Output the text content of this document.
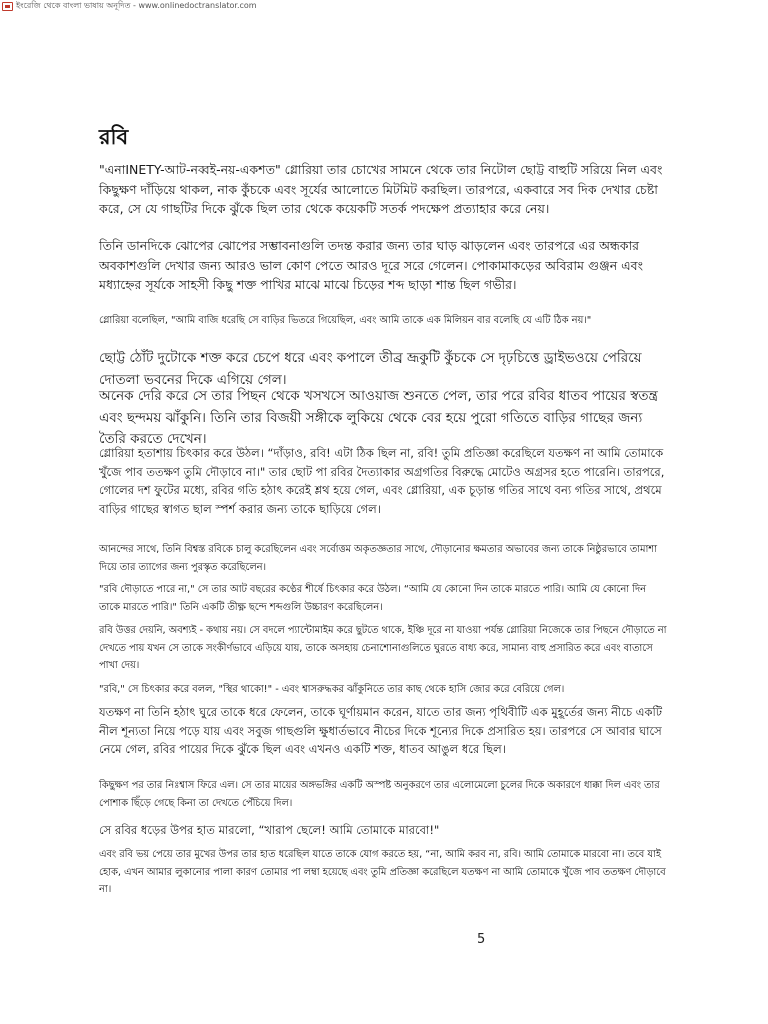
ইংরেজি থেকে বাংলা ভাষায় অনূদিত - www.onlinedoctranslator.com
রবি

"এনাINETY-আট-নব্বই-নয়-একশত" গ্লোরিয়া তার চোখের সামনে থেকে তার নিটোল ছোট্ট বাহুটি সরিয়ে নিল এবং কিছুক্ষণ দাঁড়িয়ে থাকল, নাক কুঁচকে এবং সূর্যের আলোতে মিটমিট করছিল। তারপরে, একবারে সব দিক দেখার চেষ্টা করে, সে যে গাছটির দিকে ঝুঁকে ছিল তার থেকে কয়েকটি সতর্ক পদক্ষেপ প্রত্যাহার করে নেয়।

তিনি ডানদিকে ঝোপের ঝোপের সম্ভাবনাগুলি তদন্ত করার জন্য তার ঘাড় ঝাড়লেন এবং তারপরে এর অন্ধকার অবকাশগুলি দেখার জন্য আরও ভাল কোণ পেতে আরও দূরে সরে গেলেন। পোকামাকড়ের অবিরাম গুঞ্জন এবং মধ্যাহ্নের সূর্যকে সাহসী কিছু শক্ত পাখির মাঝে মাঝে চিড়ের শব্দ ছাড়া শান্ত ছিল গভীর।

গ্লোরিয়া বলেছিল, "আমি বাজি ধরেছি সে বাড়ির ভিতরে গিয়েছিল, এবং আমি তাকে এক মিলিয়ন বার বলেছি যে এটি ঠিক নয়।"

ছোট্ট ঠোঁট দুটোকে শক্ত করে চেপে ধরে এবং কপালে তীব্র ভ্রূকুটি কুঁচকে সে দৃঢ়চিত্তে ড্রাইভওয়ে পেরিয়ে দোতলা ভবনের দিকে এগিয়ে গেল।

অনেক দেরি করে সে তার পিছন থেকে খসখসে আওয়াজ শুনতে পেল, তার পরে রবির ধাতব পায়ের স্বতন্ত্র এবং ছন্দময় ঝাঁকুনি। তিনি তার বিজয়ী সঙ্গীকে লুকিয়ে থেকে বের হয়ে পুরো গতিতে বাড়ির গাছের জন্য তৈরি করতে দেখেন।

গ্লোরিয়া হতাশায় চিৎকার করে উঠল। “দাঁড়াও, রবি! এটা ঠিক ছিল না, রবি! তুমি প্রতিজ্ঞা করেছিলে যতক্ষণ না আমি তোমাকে খুঁজে পাব ততক্ষণ তুমি দৌড়াবে না।" তার ছোট পা রবির দৈত্যাকার অগ্রগতির বিরুদ্ধে মোটেও অগ্রসর হতে পারেনি। তারপরে, গোলের দশ ফুটের মধ্যে, রবির গতি হঠাৎ করেই শ্লথ হয়ে গেল, এবং গ্লোরিয়া, এক চূড়ান্ত গতির সাথে বন্য গতির সাথে, প্রথমে বাড়ির গাছের স্বাগত ছাল স্পর্শ করার জন্য তাকে ছাড়িয়ে গেল।

আনন্দের সাথে, তিনি বিশ্বস্ত রবিকে চালু করেছিলেন এবং সর্বোত্তম অকৃতজ্ঞতার সাথে, দৌড়ানোর ক্ষমতার অভাবের জন্য তাকে নিষ্ঠুরভাবে তামাশা দিয়ে তার ত্যাগের জন্য পুরস্কৃত করেছিলেন।

"রবি দৌড়াতে পারে না," সে তার আট বছরের কণ্ঠের শীর্ষে চিৎকার করে উঠল। “আমি যে কোনো দিন তাকে মারতে পারি। আমি যে কোনো দিন তাকে মারতে পারি।" তিনি একটি তীক্ষ্ণ ছন্দে শব্দগুলি উচ্চারণ করেছিলেন।

রবি উত্তর দেয়নি, অবশ্যই - কথায় নয়। সে বদলে প্যান্টোমাইম করে ছুটতে থাকে, ইঞ্চি দূরে না যাওয়া পর্যন্ত গ্লোরিয়া নিজেকে তার পিছনে দৌড়াতে না দেখতে পায় যখন সে তাকে সংকীর্ণভাবে এড়িয়ে যায়, তাকে অসহায় চেনাশোনাগুলিতে ঘুরতে বাধ্য করে, সামান্য বাহু প্রসারিত করে এবং বাতাসে পাখা দেয়।

"রবি," সে চিৎকার করে বলল, "স্থির থাকো!" - এবং শ্বাসরুদ্ধকর ঝাঁকুনিতে তার কাছ থেকে হাসি জোর করে বেরিয়ে গেল।

যতক্ষণ না তিনি হঠাৎ ঘুরে তাকে ধরে ফেলেন, তাকে ঘূর্ণায়মান করেন, যাতে তার জন্য পৃথিবীটি এক মুহূর্তের জন্য নীচে একটি নীল শূন্যতা নিয়ে পড়ে যায় এবং সবুজ গাছগুলি ক্ষুধার্তভাবে নীচের দিকে শূন্যের দিকে প্রসারিত হয়। তারপরে সে আবার ঘাসে নেমে গেল, রবির পায়ের দিকে ঝুঁকে ছিল এবং এখনও একটি শক্ত, ধাতব আঙুল ধরে ছিল।

কিছুক্ষণ পর তার নিঃশ্বাস ফিরে এল। সে তার মায়ের অঙ্গভঙ্গির একটি অস্পষ্ট অনুকরণে তার এলোমেলো চুলের দিকে অকারণে ধাক্কা দিল এবং তার পোশাক ছিঁড়ে গেছে কিনা তা দেখতে পেঁচিয়ে দিল।

সে রবির ধড়ের উপর হাত মারলো, “খারাপ ছেলে! আমি তোমাকে মারবো!"

এবং রবি ভয় পেয়ে তার মুখের উপর তার হাত ধরেছিল যাতে তাকে যোগ করতে হয়, “না, আমি করব না, রবি। আমি তোমাকে মারবো না। তবে যাই হোক, এখন আমার লুকানোর পালা কারণ তোমার পা লম্বা হয়েছে এবং তুমি প্রতিজ্ঞা করেছিলে যতক্ষণ না আমি তোমাকে খুঁজে পাব ততক্ষণ দৌড়াবে না।

5
